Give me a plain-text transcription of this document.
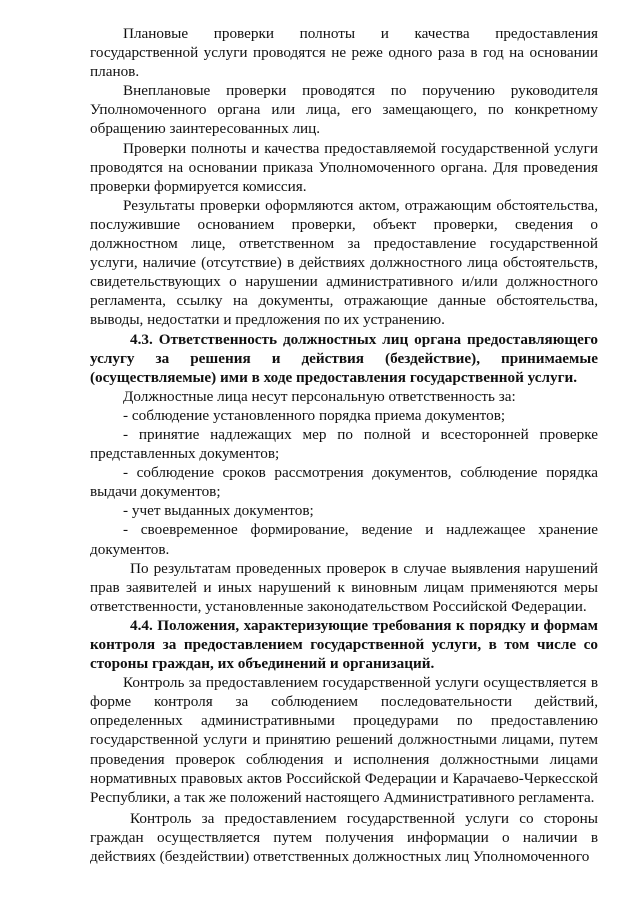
Плановые проверки полноты и качества предоставления государственной услуги проводятся не реже одного раза в год на основании планов.

Внеплановые проверки проводятся по поручению руководителя Уполномоченного органа или лица, его замещающего, по конкретному обращению заинтересованных лиц.

Проверки полноты и качества предоставляемой государственной услуги проводятся на основании приказа Уполномоченного органа. Для проведения проверки формируется комиссия.

Результаты проверки оформляются актом, отражающим обстоятельства, послужившие основанием проверки, объект проверки, сведения о должностном лице, ответственном за предоставление государственной услуги, наличие (отсутствие) в действиях должностного лица обстоятельств, свидетельствующих о нарушении административного и/или должностного регламента, ссылку на документы, отражающие данные обстоятельства, выводы, недостатки и предложения по их устранению.

4.3. Ответственность должностных лиц органа предоставляющего услугу за решения и действия (бездействие), принимаемые (осуществляемые) ими в ходе предоставления государственной услуги.

Должностные лица несут персональную ответственность за:

- соблюдение установленного порядка приема документов;

- принятие надлежащих мер по полной и всесторонней проверке представленных документов;

- соблюдение сроков рассмотрения документов, соблюдение порядка выдачи документов;

- учет выданных документов;

- своевременное формирование, ведение и надлежащее хранение документов.

По результатам проведенных проверок в случае выявления нарушений прав заявителей и иных нарушений к виновным лицам применяются меры ответственности, установленные законодательством Российской Федерации.

4.4. Положения, характеризующие требования к порядку и формам контроля за предоставлением государственной услуги, в том числе со стороны граждан, их объединений и организаций.

Контроль за предоставлением государственной услуги осуществляется в форме контроля за соблюдением последовательности действий, определенных административными процедурами по предоставлению государственной услуги и принятию решений должностными лицами, путем проведения проверок соблюдения и исполнения должностными лицами нормативных правовых актов Российской Федерации и Карачаево-Черкесской Республики, а так же положений настоящего Административного регламента.

Контроль за предоставлением государственной услуги со стороны граждан осуществляется путем получения информации о наличии в действиях (бездействии) ответственных должностных лиц Уполномоченного
